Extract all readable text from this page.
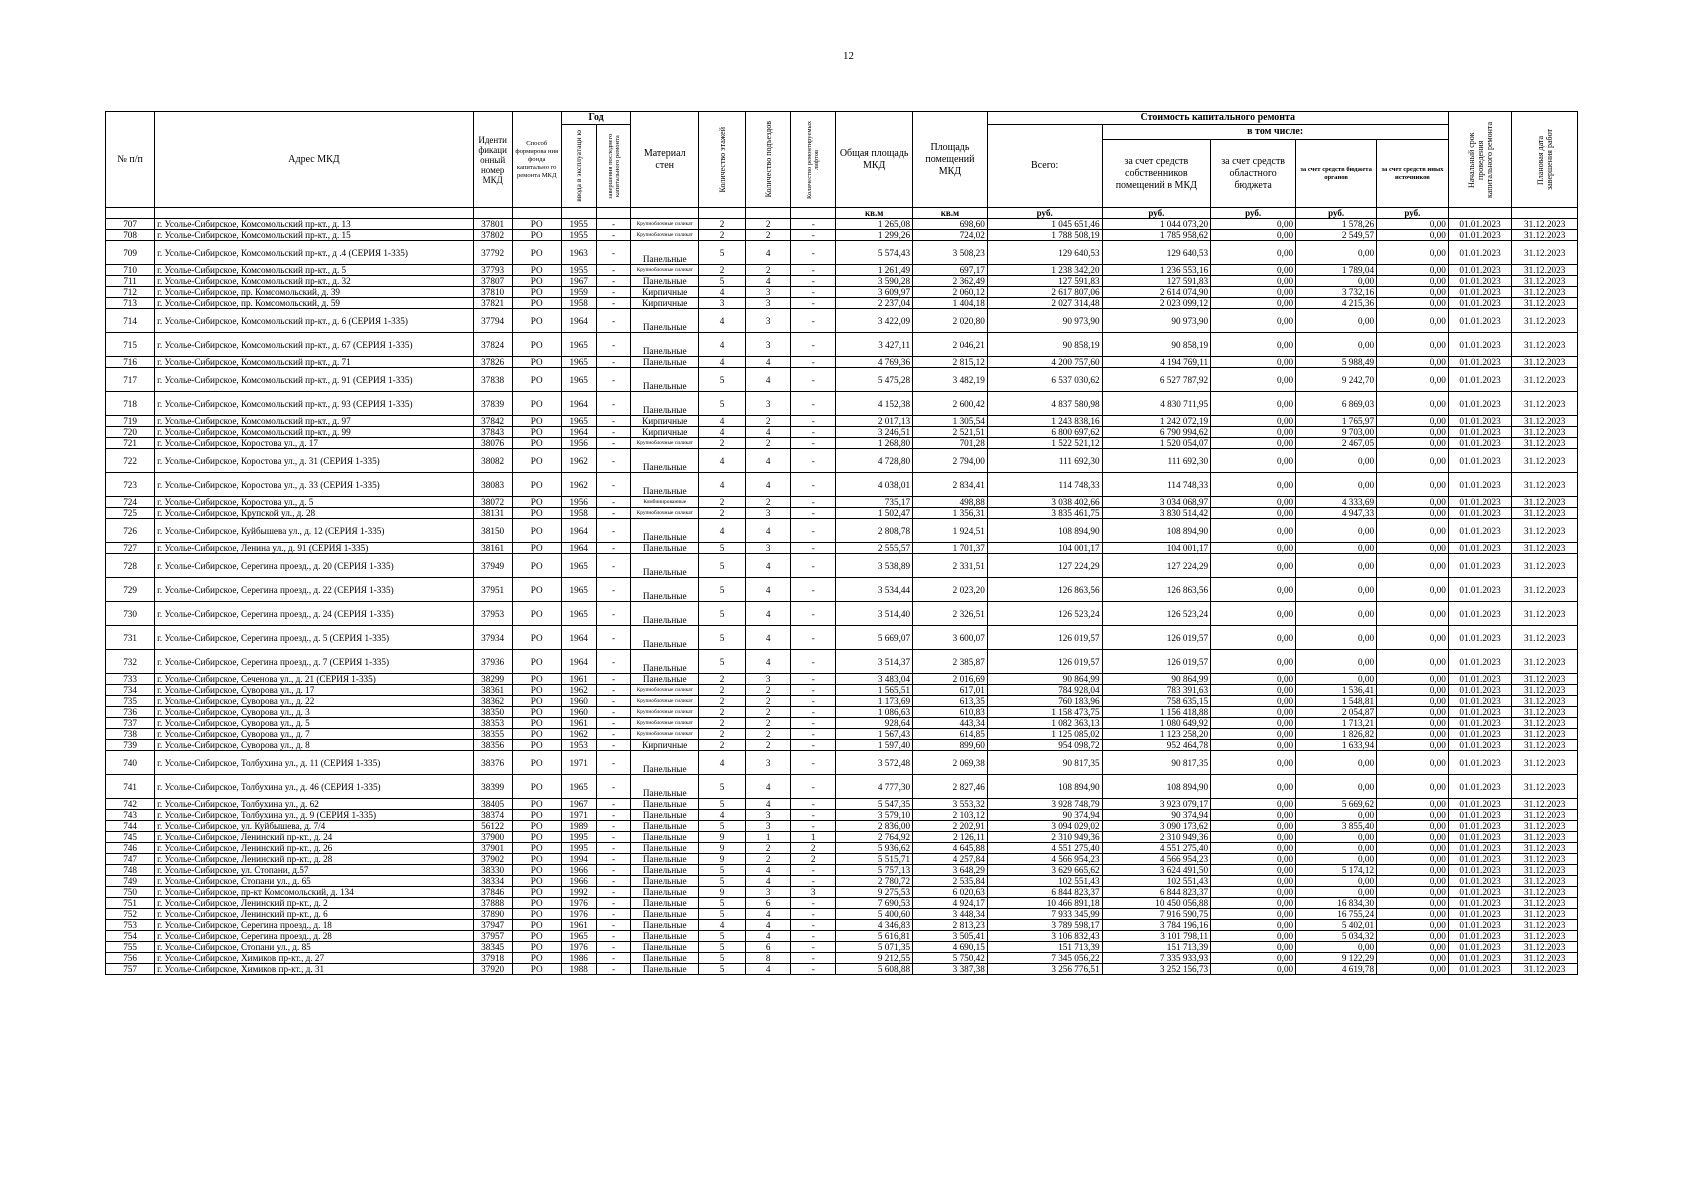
12
№ п/п	Адрес МКД	Иденти фикаци онный номер МКД	Способ формирова ния фонда капитально го ремонта МКД	Год		Материал стен	Количество этажей	Количество подъездов	Количество ремонтируемых лифтов	Общая площадь МКД	Площадь помещений МКД	Стоимость капитального ремонта					Начальный срок проведения капитального ремонта	Плановая дата завершения работ

				ввода в эксплуатаци ю	завершения последнего капитального ремонта							Всего:	в том числе:					
													за счет средств собственников помещений в МКД	за счет средств областного бюджета	за счет средств бюджета органов	за счет средств иных источников		
										кв.м	кв.м	руб.	руб.	руб.	руб.	руб.		
707	г. Усолье-Сибирское, Комсомольский пр-кт., д. 13	37801	РО	1955	-	Крупноблочные силикат	2	2	-	1 265,08	698,60	1 045 651,46	1 044 073,20	0,00	1 578,26	0,00	01.01.2023	31.12.2023
708	г. Усолье-Сибирское, Комсомольский пр-кт., д. 15	37802	РО	1955	-	Крупноблочные силикат	2	2	-	1 299,26	724,02	1 788 508,19	1 785 958,62	0,00	2 549,57	0,00	01.01.2023	31.12.2023
709	г. Усолье-Сибирское, Комсомольский пр-кт., д .4 (СЕРИЯ 1-335)	37792	РО	1963	-	Панельные	5	4	-	5 574,43	3 508,23	129 640,53	129 640,53	0,00	0,00	0,00	01.01.2023	31.12.2023
710	г. Усолье-Сибирское, Комсомольский пр-кт., д. 5	37793	РО	1955	-	Крупноблочные силикат	2	2	-	1 261,49	697,17	1 238 342,20	1 236 553,16	0,00	1 789,04	0,00	01.01.2023	31.12.2023
711	г. Усолье-Сибирское, Комсомольский пр-кт., д. 32	37807	РО	1967	-	Панельные	5	4	-	3 590,28	2 362,49	127 591,83	127 591,83	0,00	0,00	0,00	01.01.2023	31.12.2023
712	г. Усолье-Сибирское, пр. Комсомольский, д. 39	37810	РО	1959	-	Кирпичные	4	3	-	3 609,97	2 060,12	2 617 807,06	2 614 074,90	0,00	3 732,16	0,00	01.01.2023	31.12.2023
713	г. Усолье-Сибирское, пр. Комсомольский, д. 59	37821	РО	1958	-	Кирпичные	3	3	-	2 237,04	1 404,18	2 027 314,48	2 023 099,12	0,00	4 215,36	0,00	01.01.2023	31.12.2023
714	г. Усолье-Сибирское, Комсомольский пр-кт., д. 6 (СЕРИЯ 1-335)	37794	РО	1964	-	Панельные	4	3	-	3 422,09	2 020,80	90 973,90	90 973,90	0,00	0,00	0,00	01.01.2023	31.12.2023
715	г. Усолье-Сибирское, Комсомольский пр-кт., д. 67 (СЕРИЯ 1-335)	37824	РО	1965	-	Панельные	4	3	-	3 427,11	2 046,21	90 858,19	90 858,19	0,00	0,00	0,00	01.01.2023	31.12.2023
716	г. Усолье-Сибирское, Комсомольский пр-кт., д. 71	37826	РО	1965	-	Панельные	4	4	-	4 769,36	2 815,12	4 200 757,60	4 194 769,11	0,00	5 988,49	0,00	01.01.2023	31.12.2023
717	г. Усолье-Сибирское, Комсомольский пр-кт., д. 91 (СЕРИЯ 1-335)	37838	РО	1965	-	Панельные	5	4	-	5 475,28	3 482,19	6 537 030,62	6 527 787,92	0,00	9 242,70	0,00	01.01.2023	31.12.2023
718	г. Усолье-Сибирское, Комсомольский пр-кт., д. 93 (СЕРИЯ 1-335)	37839	РО	1964	-	Панельные	5	3	-	4 152,38	2 600,42	4 837 580,98	4 830 711,95	0,00	6 869,03	0,00	01.01.2023	31.12.2023
719	г. Усолье-Сибирское, Комсомольский пр-кт., д. 97	37842	РО	1965	-	Кирпичные	4	2	-	2 017,13	1 305,54	1 243 838,16	1 242 072,19	0,00	1 765,97	0,00	01.01.2023	31.12.2023
720	г. Усолье-Сибирское, Комсомольский пр-кт., д. 99	37843	РО	1964	-	Кирпичные	4	4	-	3 246,51	2 521,51	6 800 697,62	6 790 994,62	0,00	9 703,00	0,00	01.01.2023	31.12.2023
721	г. Усолье-Сибирское, Коростова ул., д. 17	38076	РО	1956	-	Крупноблочные силикат	2	2	-	1 268,80	701,28	1 522 521,12	1 520 054,07	0,00	2 467,05	0,00	01.01.2023	31.12.2023
722	г. Усолье-Сибирское, Коростова ул., д. 31 (СЕРИЯ 1-335)	38082	РО	1962	-	Панельные	4	4	-	4 728,80	2 794,00	111 692,30	111 692,30	0,00	0,00	0,00	01.01.2023	31.12.2023
723	г. Усолье-Сибирское, Коростова ул., д. 33 (СЕРИЯ 1-335)	38083	РО	1962	-	Панельные	4	4	-	4 038,01	2 834,41	114 748,33	114 748,33	0,00	0,00	0,00	01.01.2023	31.12.2023
724	г. Усолье-Сибирское, Коростова ул., д. 5	38072	РО	1956	-	Комбинированные	2	2	-	735,17	498,88	3 038 402,66	3 034 068,97	0,00	4 333,69	0,00	01.01.2023	31.12.2023
725	г. Усолье-Сибирское, Крупской ул., д. 28	38131	РО	1958	-	Крупноблочные силикат	2	3	-	1 502,47	1 356,31	3 835 461,75	3 830 514,42	0,00	4 947,33	0,00	01.01.2023	31.12.2023
726	г. Усолье-Сибирское, Куйбышева ул., д. 12 (СЕРИЯ 1-335)	38150	РО	1964	-	Панельные	4	4	-	2 808,78	1 924,51	108 894,90	108 894,90	0,00	0,00	0,00	01.01.2023	31.12.2023
727	г. Усолье-Сибирское, Ленина ул., д. 91 (СЕРИЯ 1-335)	38161	РО	1964	-	Панельные	5	3	-	2 555,57	1 701,37	104 001,17	104 001,17	0,00	0,00	0,00	01.01.2023	31.12.2023
728	г. Усолье-Сибирское, Серегина проезд., д. 20 (СЕРИЯ 1-335)	37949	РО	1965	-	Панельные	5	4	-	3 538,89	2 331,51	127 224,29	127 224,29	0,00	0,00	0,00	01.01.2023	31.12.2023
729	г. Усолье-Сибирское, Серегина проезд., д. 22 (СЕРИЯ 1-335)	37951	РО	1965	-	Панельные	5	4	-	3 534,44	2 023,20	126 863,56	126 863,56	0,00	0,00	0,00	01.01.2023	31.12.2023
730	г. Усолье-Сибирское, Серегина проезд., д. 24 (СЕРИЯ 1-335)	37953	РО	1965	-	Панельные	5	4	-	3 514,40	2 326,51	126 523,24	126 523,24	0,00	0,00	0,00	01.01.2023	31.12.2023
731	г. Усолье-Сибирское, Серегина проезд., д. 5 (СЕРИЯ 1-335)	37934	РО	1964	-	Панельные	5	4	-	5 669,07	3 600,07	126 019,57	126 019,57	0,00	0,00	0,00	01.01.2023	31.12.2023
732	г. Усолье-Сибирское, Серегина проезд., д. 7 (СЕРИЯ 1-335)	37936	РО	1964	-	Панельные	5	4	-	3 514,37	2 385,87	126 019,57	126 019,57	0,00	0,00	0,00	01.01.2023	31.12.2023
733	г. Усолье-Сибирское, Сеченова ул., д. 21 (СЕРИЯ 1-335)	38299	РО	1961	-	Панельные	2	3	-	3 483,04	2 016,69	90 864,99	90 864,99	0,00	0,00	0,00	01.01.2023	31.12.2023
734	г. Усолье-Сибирское, Суворова ул., д. 17	38361	РО	1962	-	Крупноблочные силикат	2	2	-	1 565,51	617,01	784 928,04	783 391,63	0,00	1 536,41	0,00	01.01.2023	31.12.2023
735	г. Усолье-Сибирское, Суворова ул., д. 22	38362	РО	1960	-	Крупноблочные силикат	2	2	-	1 173,69	613,35	760 183,96	758 635,15	0,00	1 548,81	0,00	01.01.2023	31.12.2023
736	г. Усолье-Сибирское, Суворова ул., д. 3	38350	РО	1960	-	Крупноблочные силикат	2	2	-	1 086,63	610,83	1 158 473,75	1 156 418,88	0,00	2 054,87	0,00	01.01.2023	31.12.2023
737	г. Усолье-Сибирское, Суворова ул., д. 5	38353	РО	1961	-	Крупноблочные силикат	2	2	-	928,64	443,34	1 082 363,13	1 080 649,92	0,00	1 713,21	0,00	01.01.2023	31.12.2023
738	г. Усолье-Сибирское, Суворова ул., д. 7	38355	РО	1962	-	Крупноблочные силикат	2	2	-	1 567,43	614,85	1 125 085,02	1 123 258,20	0,00	1 826,82	0,00	01.01.2023	31.12.2023
739	г. Усолье-Сибирское, Суворова ул., д. 8	38356	РО	1953	-	Кирпичные	2	2	-	1 597,40	899,60	954 098,72	952 464,78	0,00	1 633,94	0,00	01.01.2023	31.12.2023
740	г. Усолье-Сибирское, Толбухина ул., д. 11 (СЕРИЯ 1-335)	38376	РО	1971	-	Панельные	4	3	-	3 572,48	2 069,38	90 817,35	90 817,35	0,00	0,00	0,00	01.01.2023	31.12.2023
741	г. Усолье-Сибирское, Толбухина ул., д. 46 (СЕРИЯ 1-335)	38399	РО	1965	-	Панельные	5	4	-	4 777,30	2 827,46	108 894,90	108 894,90	0,00	0,00	0,00	01.01.2023	31.12.2023
742	г. Усолье-Сибирское, Толбухина ул., д. 62	38405	РО	1967	-	Панельные	5	4	-	5 547,35	3 553,32	3 928 748,79	3 923 079,17	0,00	5 669,62	0,00	01.01.2023	31.12.2023
743	г. Усолье-Сибирское, Толбухина ул., д. 9 (СЕРИЯ 1-335)	38374	РО	1971	-	Панельные	4	3	-	3 579,10	2 103,12	90 374,94	90 374,94	0,00	0,00	0,00	01.01.2023	31.12.2023
744	г. Усолье-Сибирское, ул. Куйбышева, д. 7/4	56122	РО	1989	-	Панельные	5	3	-	2 836,00	2 202,91	3 094 029,02	3 090 173,62	0,00	3 855,40	0,00	01.01.2023	31.12.2023
745	г. Усолье-Сибирское, Ленинский пр-кт., д. 24	37900	РО	1995	-	Панельные	9	1	1	2 764,92	2 126,11	2 310 949,36	2 310 949,36	0,00	0,00	0,00	01.01.2023	31.12.2023
746	г. Усолье-Сибирское, Ленинский пр-кт., д. 26	37901	РО	1995	-	Панельные	9	2	2	5 936,62	4 645,88	4 551 275,40	4 551 275,40	0,00	0,00	0,00	01.01.2023	31.12.2023
747	г. Усолье-Сибирское, Ленинский пр-кт., д. 28	37902	РО	1994	-	Панельные	9	2	2	5 515,71	4 257,84	4 566 954,23	4 566 954,23	0,00	0,00	0,00	01.01.2023	31.12.2023
748	г. Усолье-Сибирское, ул. Стопани, д.57	38330	РО	1966	-	Панельные	5	4	-	5 757,13	3 648,29	3 629 665,62	3 624 491,50	0,00	5 174,12	0,00	01.01.2023	31.12.2023
749	г. Усолье-Сибирское, Стопани ул., д. 65	38334	РО	1966	-	Панельные	5	4	-	2 780,72	2 535,84	102 551,43	102 551,43	0,00	0,00	0,00	01.01.2023	31.12.2023
750	г. Усолье-Сибирское, пр-кт Комсомольский, д. 134	37846	РО	1992	-	Панельные	9	3	3	9 275,53	6 020,63	6 844 823,37	6 844 823,37	0,00	0,00	0,00	01.01.2023	31.12.2023
751	г. Усолье-Сибирское, Ленинский пр-кт., д. 2	37888	РО	1976	-	Панельные	5	6	-	7 690,53	4 924,17	10 466 891,18	10 450 056,88	0,00	16 834,30	0,00	01.01.2023	31.12.2023
752	г. Усолье-Сибирское, Ленинский пр-кт., д. 6	37890	РО	1976	-	Панельные	5	4	-	5 400,60	3 448,34	7 933 345,99	7 916 590,75	0,00	16 755,24	0,00	01.01.2023	31.12.2023
753	г. Усолье-Сибирское, Серегина проезд., д. 18	37947	РО	1961	-	Панельные	4	4	-	4 346,83	2 813,23	3 789 598,17	3 784 196,16	0,00	5 402,01	0,00	01.01.2023	31.12.2023
754	г. Усолье-Сибирское, Серегина проезд., д. 28	37957	РО	1965	-	Панельные	5	4	-	5 616,81	3 505,41	3 106 832,43	3 101 798,11	0,00	5 034,32	0,00	01.01.2023	31.12.2023
755	г. Усолье-Сибирское, Стопани ул., д. 85	38345	РО	1976	-	Панельные	5	6	-	5 071,35	4 690,15	151 713,39	151 713,39	0,00	0,00	0,00	01.01.2023	31.12.2023
756	г. Усолье-Сибирское, Химиков пр-кт., д. 27	37918	РО	1986	-	Панельные	5	8	-	9 212,55	5 750,42	7 345 056,22	7 335 933,93	0,00	9 122,29	0,00	01.01.2023	31.12.2023
757	г. Усолье-Сибирское, Химиков пр-кт., д. 31	37920	РО	1988	-	Панельные	5	4	-	5 608,88	3 387,38	3 256 776,51	3 252 156,73	0,00	4 619,78	0,00	01.01.2023	31.12.2023
